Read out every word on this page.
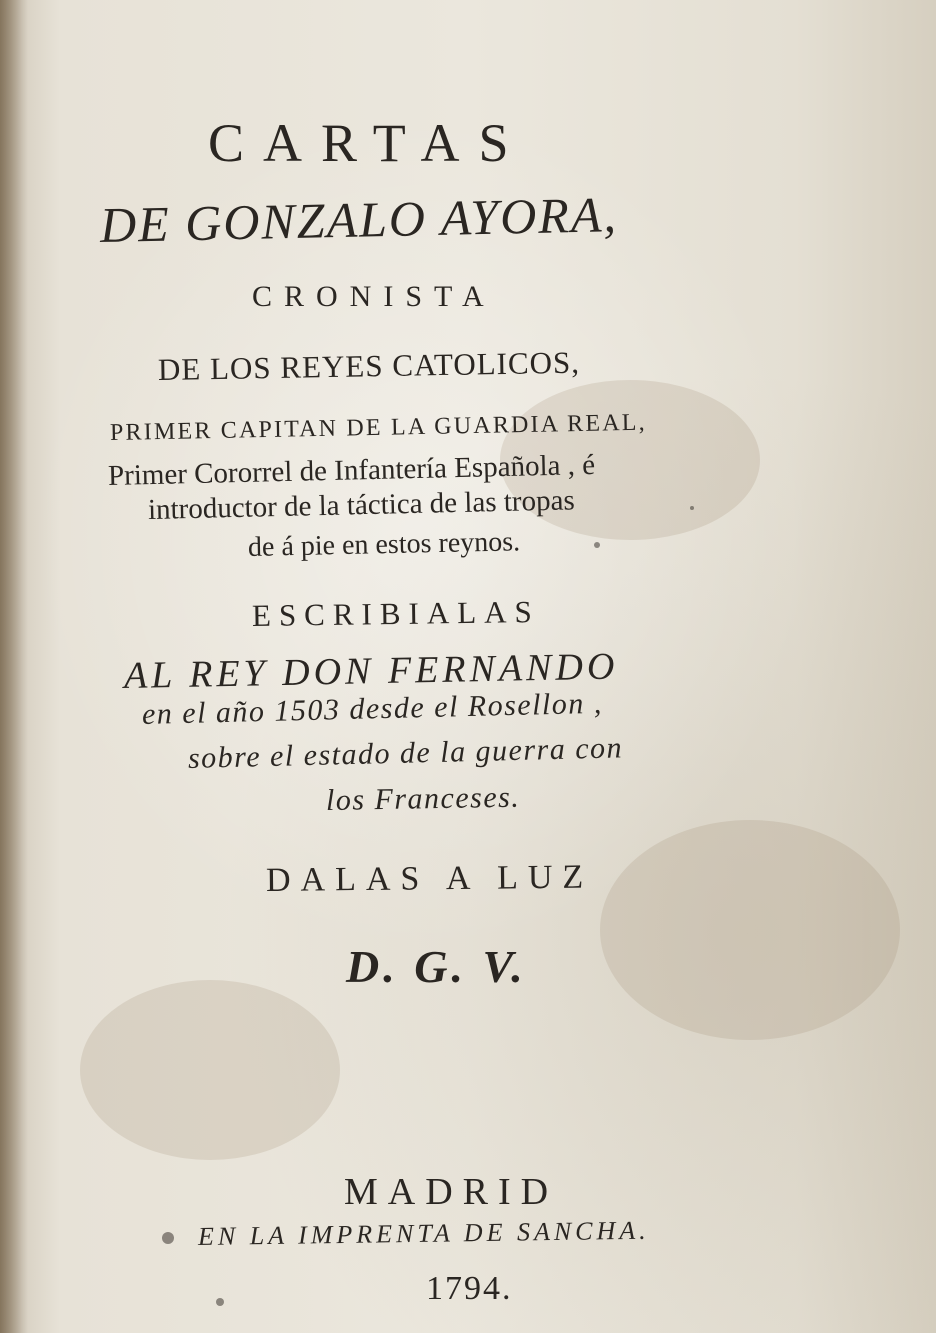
CARTAS
DE GONZALO AYORA,
CRONISTA
DE LOS REYES CATOLICOS,
PRIMER CAPITAN DE LA GUARDIA REAL,
Primer Cororrel de Infantería Española , é
introductor de la táctica de las tropas
de á pie en estos reynos.
ESCRIBIALAS
AL REY DON FERNANDO
en el año 1503 desde el Rosellon ,
sobre el estado de la guerra con
los Franceses.
DALAS A LUZ
D. G. V.
MADRID
EN LA IMPRENTA DE SANCHA.
1794.
